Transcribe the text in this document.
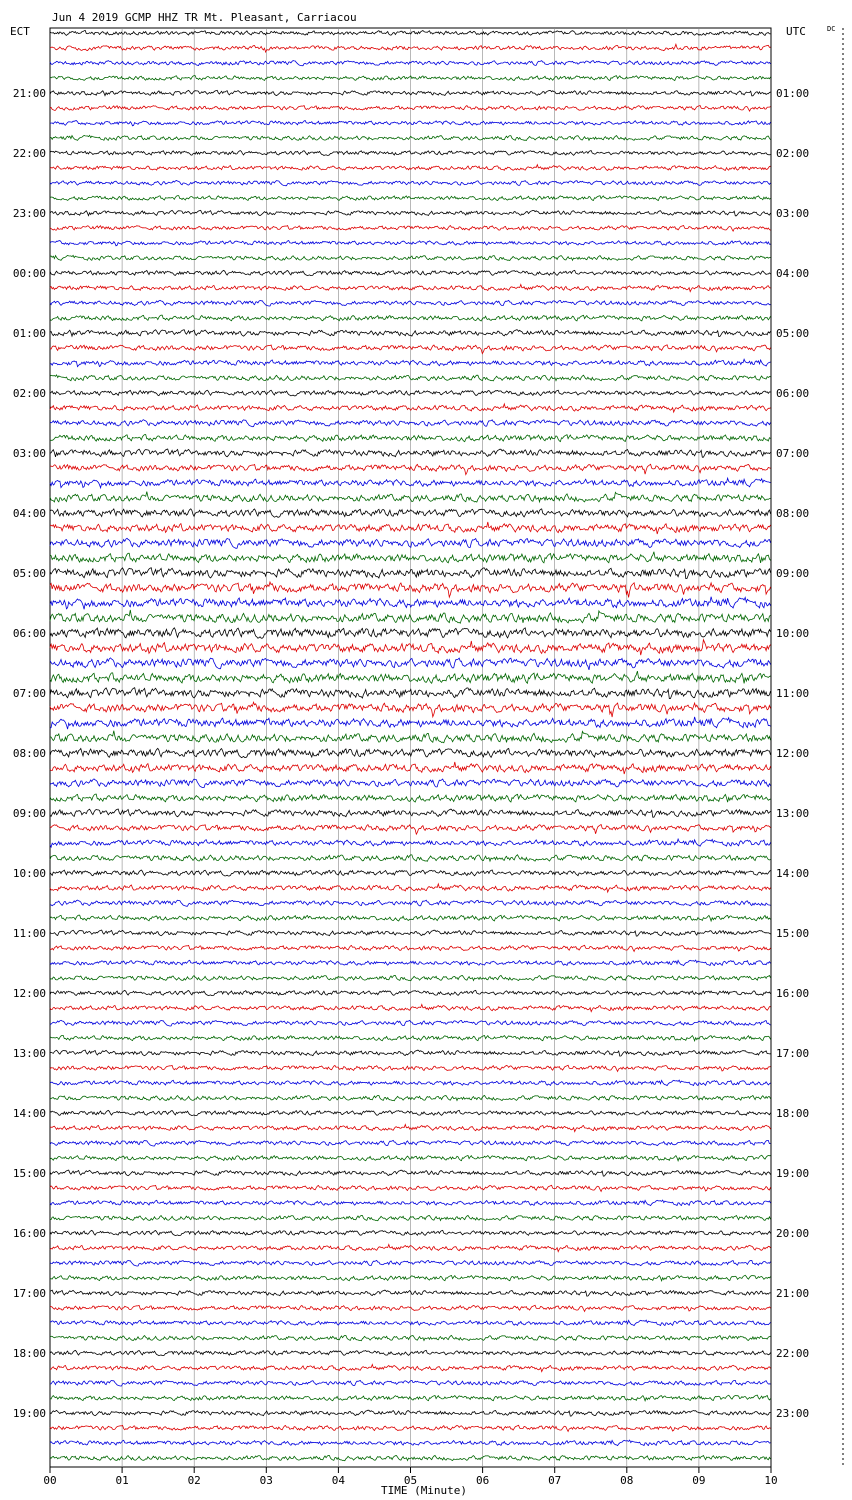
Jun 4 2019 GCMP HHZ TR Mt. Pleasant, Carriacou
ECT	UTC	DC
21:00
22:00
23:00
00:00
01:00
02:00
03:00
04:00
05:00
06:00
07:00
08:00
09:00
10:00
11:00
12:00
13:00
14:00
15:00
16:00
17:00
18:00
19:00
01:00
02:00
03:00
04:00
05:00
06:00
07:00
08:00
09:00
10:00
11:00
12:00
13:00
14:00
15:00
16:00
17:00
18:00
19:00
20:00
21:00
22:00
23:00
00	01	02	03	04	05	06	07	08	09	10
TIME (Minute)
